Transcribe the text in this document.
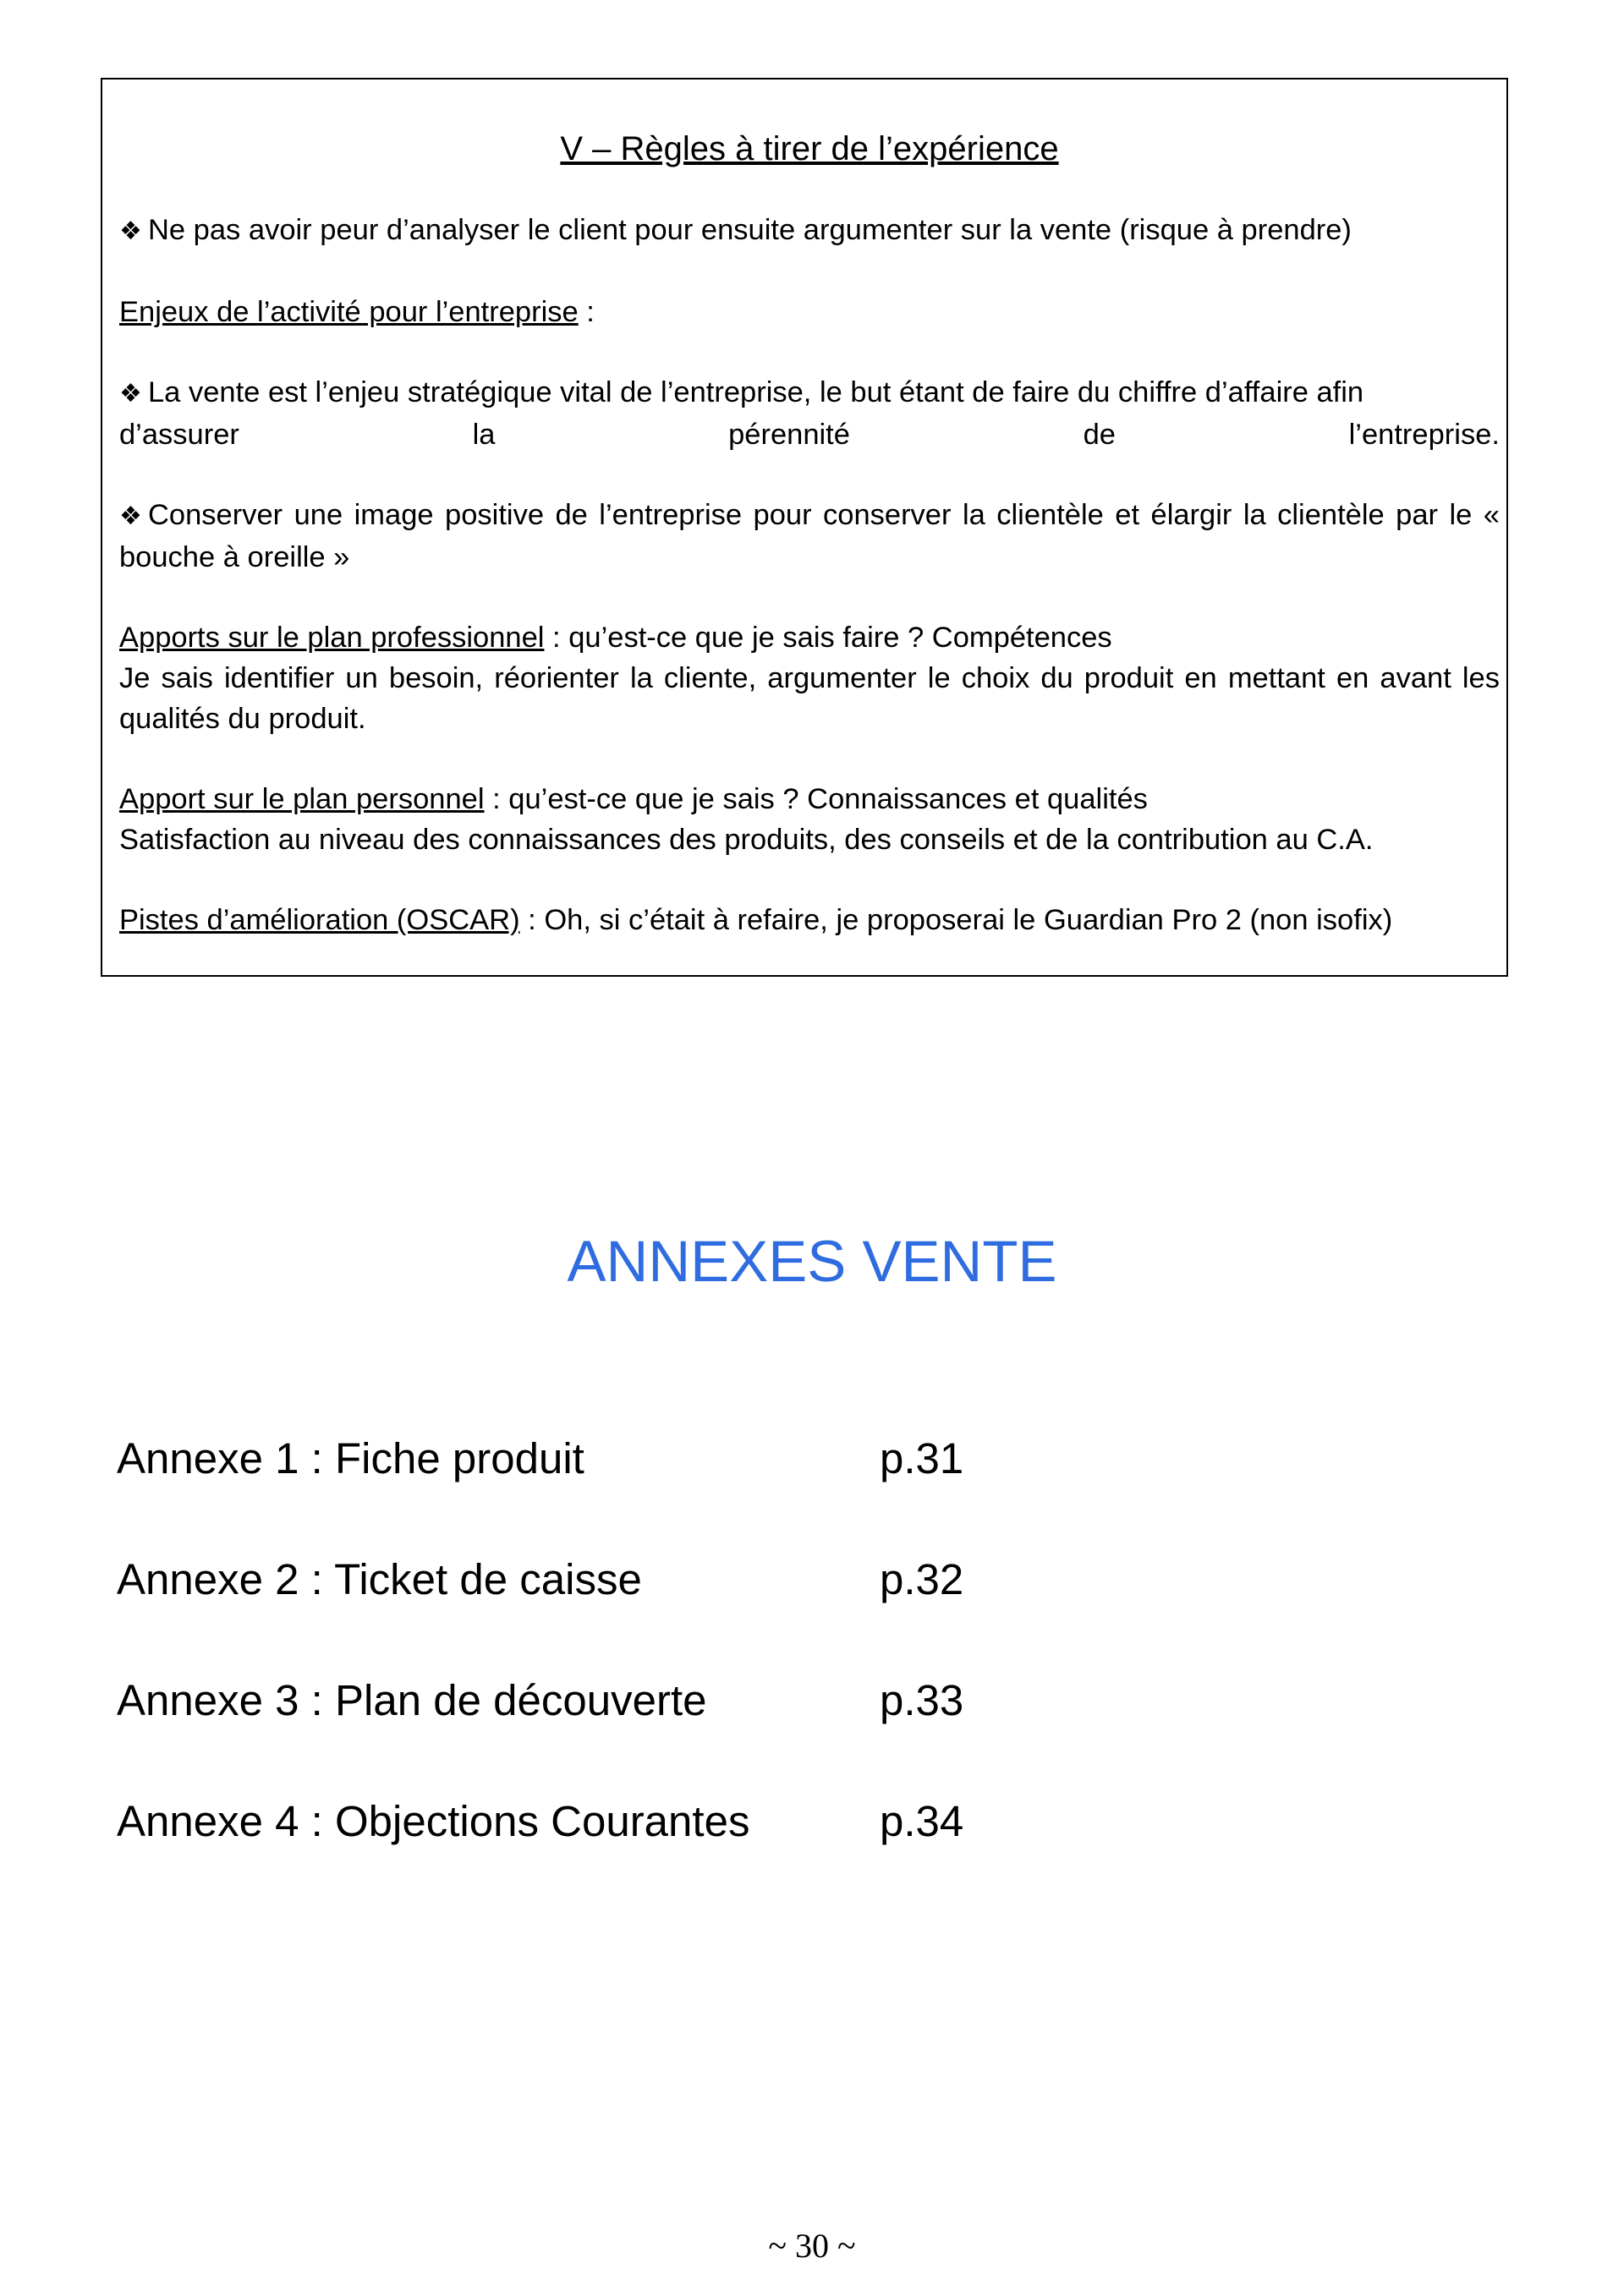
V – Règles à tirer de l’expérience

❖ Ne pas avoir peur d’analyser le client pour ensuite argumenter sur la vente (risque à prendre)

Enjeux de l’activité pour l’entreprise :

❖ La vente est l’enjeu stratégique vital de l’entreprise, le but étant de faire du chiffre d’affaire afin

d’assurer	la	pérennité	de	l’entreprise.

❖ Conserver une image positive de l’entreprise pour conserver la clientèle et élargir la clientèle par le « bouche à oreille »

Apports sur le plan professionnel : qu’est-ce que je sais faire ? Compétences

Je sais identifier un besoin, réorienter la cliente, argumenter le choix du produit en mettant en avant les qualités du produit.

Apport sur le plan personnel : qu’est-ce que je sais ? Connaissances et qualités

Satisfaction au niveau des connaissances des produits, des conseils et de la contribution au C.A.

Pistes d’amélioration (OSCAR) : Oh, si c’était à refaire, je proposerai le Guardian Pro 2 (non isofix)

ANNEXES VENTE
Annexe 1 : Fiche produit	p.31
Annexe 2 : Ticket de caisse	p.32
Annexe 3 : Plan de découverte	p.33
Annexe 4 : Objections Courantes	p.34
~ 30 ~
